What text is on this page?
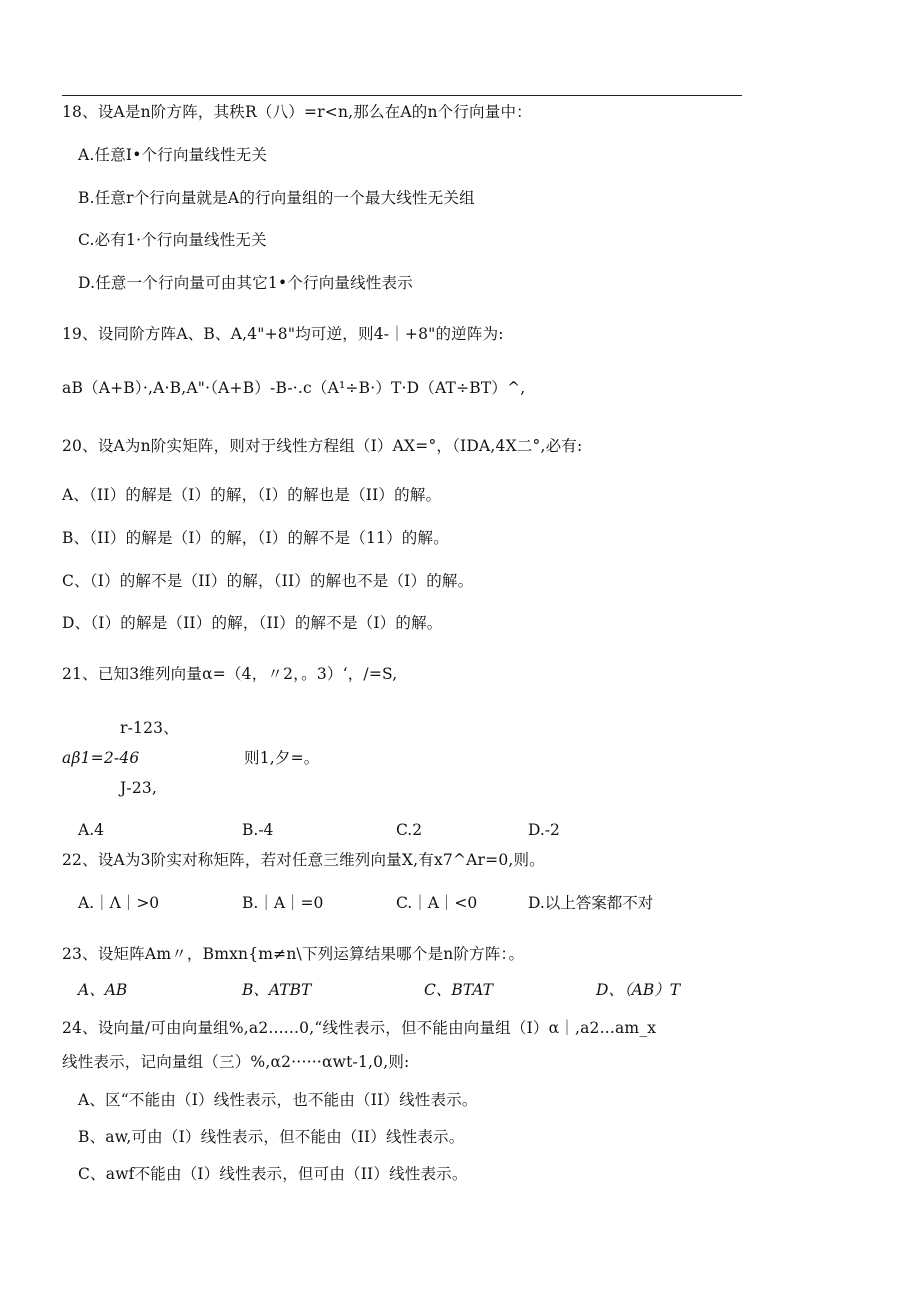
18、设A是n阶方阵，其秩R（八）=r<n,那么在A的n个行向量中：
A.任意I•个行向量线性无关
B.任意r个行向量就是A的行向量组的一个最大线性无关组
C.必有1·个行向量线性无关
D.任意一个行向量可由其它1•个行向量线性表示
19、设同阶方阵A、B、A,4"+8"均可逆，则4-｜+8"的逆阵为:
aB（A+B）·,A·B,A"·（A+B）-B-·.c（A¹÷B·）T·D（AT÷BT）^,
20、设A为n阶实矩阵，则对于线性方程组（I）AX=°，（IDA,4X二°,必有:
A、（II）的解是（I）的解，（I）的解也是（II）的解。
B、（II）的解是（I）的解，（I）的解不是（11）的解。
C、（I）的解不是（II）的解，（II）的解也不是（I）的解。
D、（I）的解是（II）的解，（II）的解不是（I）的解。
21、已知3维列向量α=（4，〃2，。3）‘，/=S,
r-123、
aβ1=2-46	则1,夕=。
J-23,
A.4	B.-4	C.2	D.-2
22、设A为3阶实对称矩阵，若对任意三维列向量X,有x7^Ar=0,则。
A.｜Λ｜>0	B.｜A｜=0	C.｜A｜<0	D.以上答案都不对
23、设矩阵Am〃，Bmxn{m≠n\下列运算结果哪个是n阶方阵：。
A、AB	B、ATBT	C、BTAT	D、（AB）T
24、设向量/可由向量组%,a2......0,“线性表示，但不能由向量组（I）α｜,a2...am_x
线性表示，记向量组（三）%,α2······αwt-1,0,则:
A、区“不能由（I）线性表示，也不能由（II）线性表示。
B、aw,可由（I）线性表示，但不能由（II）线性表示。
C、awf不能由（I）线性表示，但可由（II）线性表示。
